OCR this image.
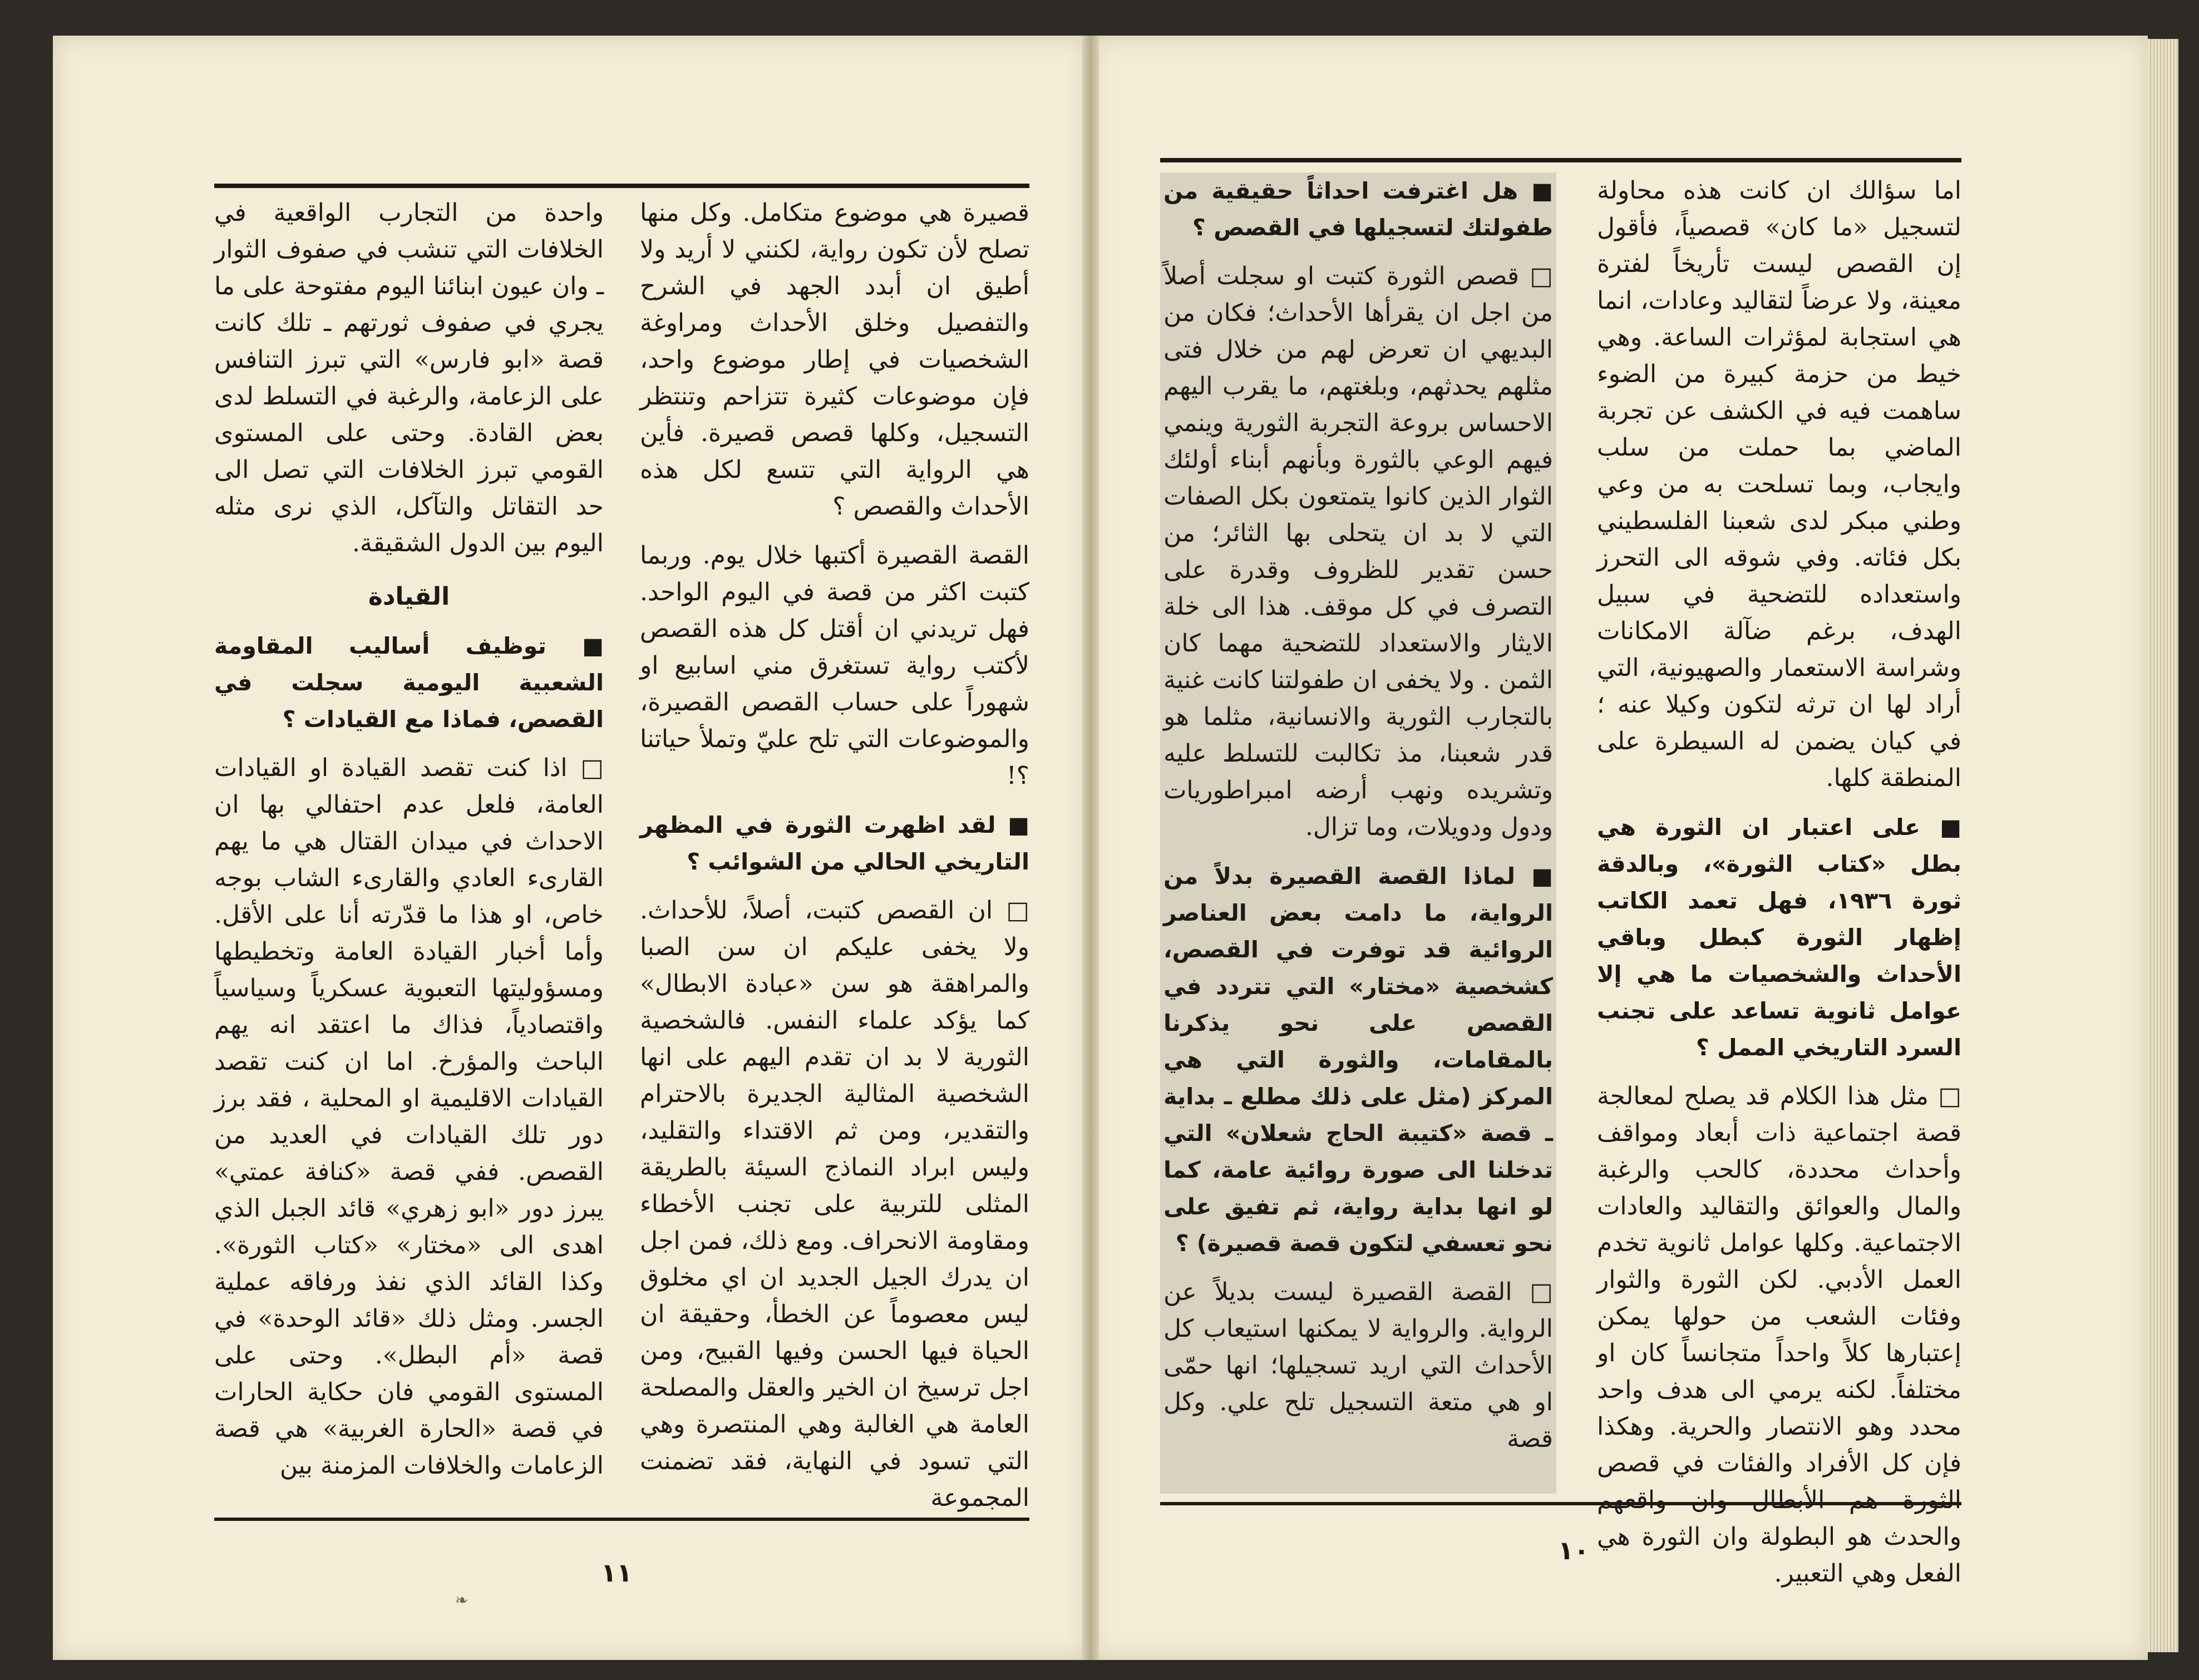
قصيرة هي موضوع متكامل. وكل منها تصلح لأن تكون رواية، لكنني لا أريد ولا أطيق ان أبدد الجهد في الشرح والتفصيل وخلق الأحداث ومراوغة الشخصيات في إطار موضوع واحد، فإن موضوعات كثيرة تتزاحم وتنتظر التسجيل، وكلها قصص قصيرة. فأين هي الرواية التي تتسع لكل هذه الأحداث والقصص ؟

القصة القصيرة أكتبها خلال يوم. وربما كتبت اكثر من قصة في اليوم الواحد. فهل تريدني ان أقتل كل هذه القصص لأكتب رواية تستغرق مني اسابيع او شهوراً على حساب القصص القصيرة، والموضوعات التي تلح عليّ وتملأ حياتنا ؟!

■ لقد اظهرت الثورة في المظهر التاريخي الحالي من الشوائب ؟

□ ان القصص كتبت، أصلاً، للأحداث. ولا يخفى عليكم ان سن الصبا والمراهقة هو سن «عبادة الابطال» كما يؤكد علماء النفس. فالشخصية الثورية لا بد ان تقدم اليهم على انها الشخصية المثالية الجديرة بالاحترام والتقدير، ومن ثم الاقتداء والتقليد، وليس ابراد النماذج السيئة بالطريقة المثلى للتربية على تجنب الأخطاء ومقاومة الانحراف. ومع ذلك، فمن اجل ان يدرك الجيل الجديد ان اي مخلوق ليس معصوماً عن الخطأ، وحقيقة ان الحياة فيها الحسن وفيها القبيح، ومن اجل ترسيخ ان الخير والعقل والمصلحة العامة هي الغالبة وهي المنتصرة وهي التي تسود في النهاية، فقد تضمنت المجموعة

واحدة من التجارب الواقعية في الخلافات التي تنشب في صفوف الثوار ـ وان عيون ابنائنا اليوم مفتوحة على ما يجري في صفوف ثورتهم ـ تلك كانت قصة «ابو فارس» التي تبرز التنافس على الزعامة، والرغبة في التسلط لدى بعض القادة. وحتى على المستوى القومي تبرز الخلافات التي تصل الى حد التقاتل والتآكل، الذي نرى مثله اليوم بين الدول الشقيقة.

القيادة

■ توظيف أساليب المقاومة الشعبية اليومية سجلت في القصص، فماذا مع القيادات ؟

□ اذا كنت تقصد القيادة او القيادات العامة، فلعل عدم احتفالي بها ان الاحداث في ميدان القتال هي ما يهم القارىء العادي والقارىء الشاب بوجه خاص، او هذا ما قدّرته أنا على الأقل. وأما أخبار القيادة العامة وتخطيطها ومسؤوليتها التعبوية عسكرياً وسياسياً واقتصادياً، فذاك ما اعتقد انه يهم الباحث والمؤرخ. اما ان كنت تقصد القيادات الاقليمية او المحلية ، فقد برز دور تلك القيادات في العديد من القصص. ففي قصة «كنافة عمتي» يبرز دور «ابو زهري» قائد الجبل الذي اهدى الى «مختار» «كتاب الثورة». وكذا القائد الذي نفذ ورفاقه عملية الجسر. ومثل ذلك «قائد الوحدة» في قصة «أم البطل». وحتى على المستوى القومي فان حكاية الحارات في قصة «الحارة الغربية» هي قصة الزعامات والخلافات المزمنة بين

اما سؤالك ان كانت هذه محاولة لتسجيل «ما كان» قصصياً، فأقول إن القصص ليست تأريخاً لفترة معينة، ولا عرضاً لتقاليد وعادات، انما هي استجابة لمؤثرات الساعة. وهي خيط من حزمة كبيرة من الضوء ساهمت فيه في الكشف عن تجربة الماضي بما حملت من سلب وايجاب، وبما تسلحت به من وعي وطني مبكر لدى شعبنا الفلسطيني بكل فئاته. وفي شوقه الى التحرز واستعداده للتضحية في سبيل الهدف، برغم ضآلة الامكانات وشراسة الاستعمار والصهيونية، التي أراد لها ان ترثه لتكون وكيلا عنه ؛ في كيان يضمن له السيطرة على المنطقة كلها.

■ على اعتبار ان الثورة هي بطل «كتاب الثورة»، وبالدقة ثورة ١٩٣٦، فهل تعمد الكاتب إظهار الثورة كبطل وباقي الأحداث والشخصيات ما هي إلا عوامل ثانوية تساعد على تجنب السرد التاريخي الممل ؟

□ مثل هذا الكلام قد يصلح لمعالجة قصة اجتماعية ذات أبعاد ومواقف وأحداث محددة، كالحب والرغبة والمال والعوائق والتقاليد والعادات الاجتماعية. وكلها عوامل ثانوية تخدم العمل الأدبي. لكن الثورة والثوار وفئات الشعب من حولها يمكن إعتبارها كلاً واحداً متجانساً كان او مختلفاً. لكنه يرمي الى هدف واحد محدد وهو الانتصار والحرية. وهكذا فإن كل الأفراد والفئات في قصص الثورة هم الأبطال وان واقعهم والحدث هو البطولة وان الثورة هي الفعل وهي التعبير.

■ هل اغترفت احداثاً حقيقية من طفولتك لتسجيلها في القصص ؟

□ قصص الثورة كتبت او سجلت أصلاً من اجل ان يقرأها الأحداث؛ فكان من البديهي ان تعرض لهم من خلال فتى مثلهم يحدثهم، وبلغتهم، ما يقرب اليهم الاحساس بروعة التجربة الثورية وينمي فيهم الوعي بالثورة وبأنهم أبناء أولئك الثوار الذين كانوا يتمتعون بكل الصفات التي لا بد ان يتحلى بها الثائر؛ من حسن تقدير للظروف وقدرة على التصرف في كل موقف. هذا الى خلة الايثار والاستعداد للتضحية مهما كان الثمن . ولا يخفى ان طفولتنا كانت غنية بالتجارب الثورية والانسانية، مثلما هو قدر شعبنا، مذ تكالبت للتسلط عليه وتشريده ونهب أرضه امبراطوريات ودول ودويلات، وما تزال.

■ لماذا القصة القصيرة بدلاً من الرواية، ما دامت بعض العناصر الروائية قد توفرت في القصص، كشخصية «مختار» التي تتردد في القصص على نحو يذكرنا بالمقامات، والثورة التي هي المركز (مثل على ذلك مطلع ـ بداية ـ قصة «كتيبة الحاج شعلان» التي تدخلنا الى صورة روائية عامة، كما لو انها بداية رواية، ثم تفيق على نحو تعسفي لتكون قصة قصيرة) ؟

□ القصة القصيرة ليست بديلاً عن الرواية. والرواية لا يمكنها استيعاب كل الأحداث التي اريد تسجيلها؛ انها حمّى او هي متعة التسجيل تلح علي. وكل قصة

١١
١٠
❧
